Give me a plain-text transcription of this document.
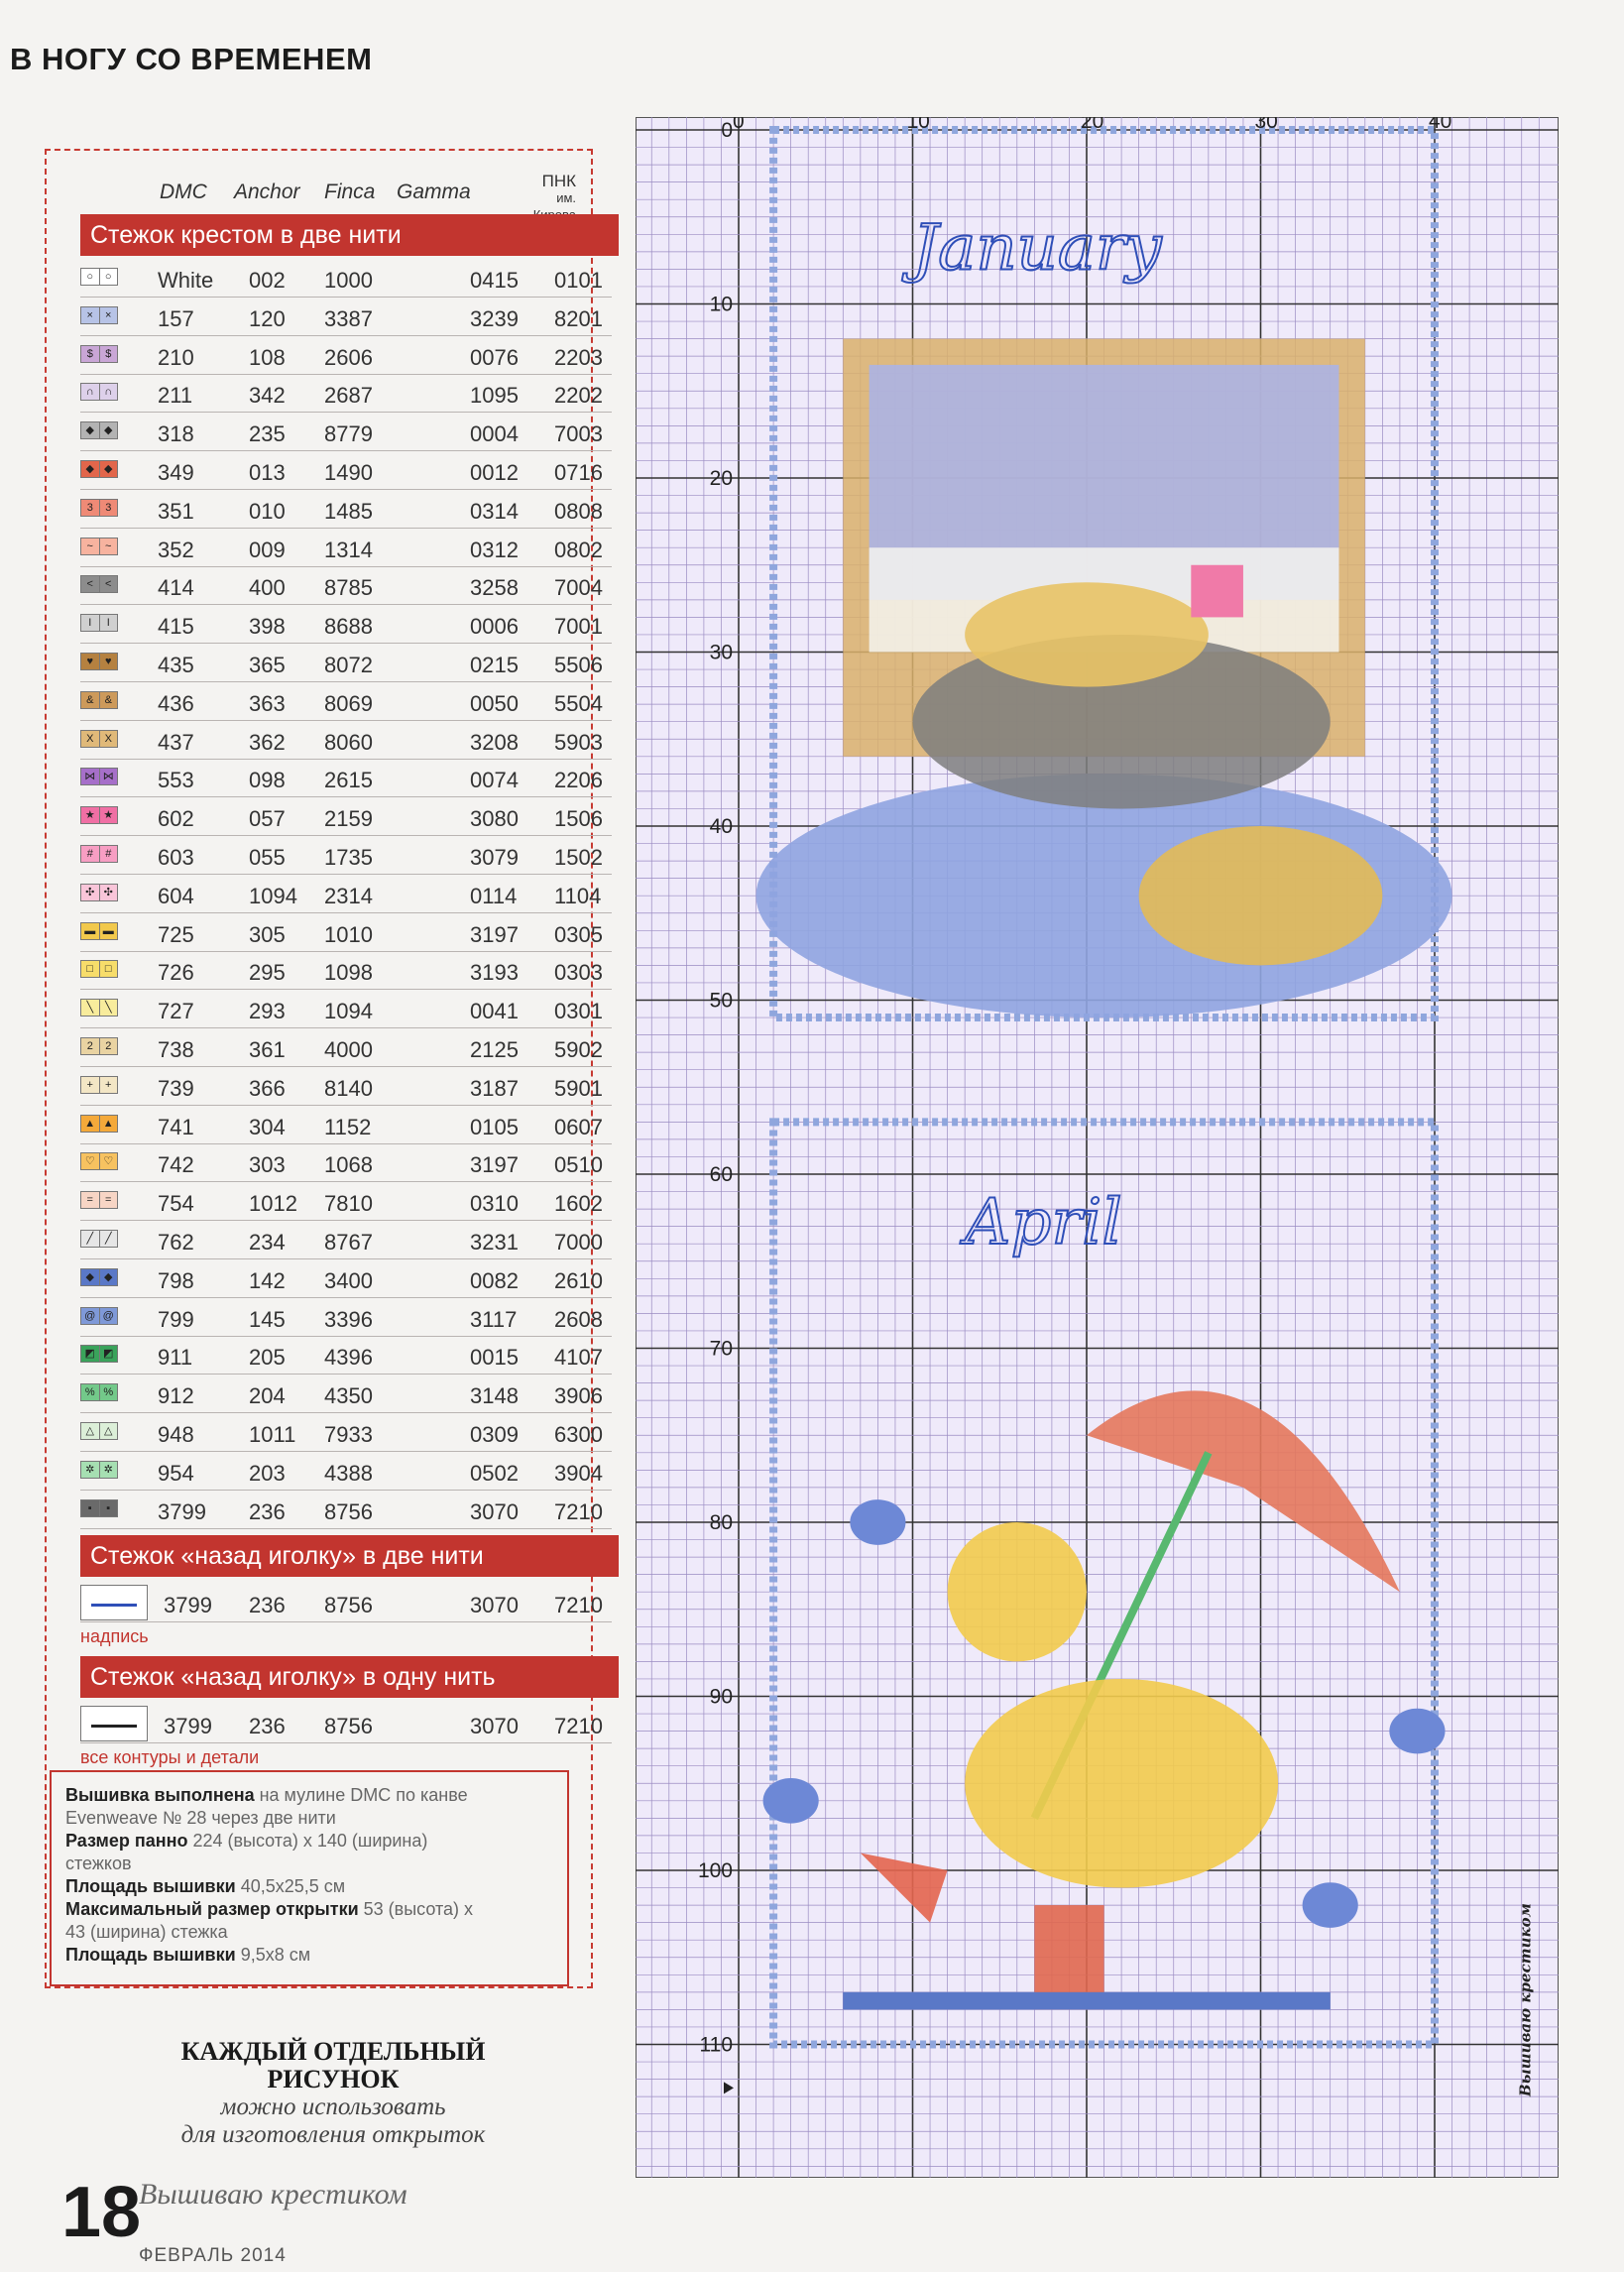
В НОГУ СО ВРЕМЕНЕМ
DMC Anchor Finca Gamma	ПНК
им.
Стежок крестом в две нити
○	○ White 002 1000	0415 0101
×	× 157	120 3387	3239 8201
$	$ 210	108 2606	0076 2203
∩ ∩ 211	342 2687	1095 2202
◆ ◆ 318	235 8779	0004 7003
◆ ◆ 349	013 1490	0012 0716
3	3 351	010 1485	0314 0808
~	~ 352	009 1314	0312 0802
<	< 414	400 8785	3258 7004
I	I	415	398 8688	0006 7001
♥	♥ 435	365 8072	0215 5506
&	& 436	363 8069	0050 5504
X	X 437	362 8060	3208 5903
⋈ ⋈ 553	098 2615	0074 2206
★ ★ 602	057 2159	3080 1506
#	# 603	055 1735	3079 1502
✣ ✣ 604	1094 2314	0114 1104
▬ ▬ 725	305 1010	3197 0305
□	□ 726	295 1098	3193 0303
╲	╲ 727	293 1094	0041 0301
2	2 738	361 4000	2125 5902
+	+ 739	366 8140	3187 5901
▲ ▲ 741	304 1152	0105 0607
♡ ♡ 742	303 1068	3197 0510
=	= 754	1012 7810	0310 1602
╱	╱ 762	234 8767	3231 7000
◆ ◆ 798	142 3400	0082 2610
@ @ 799	145 3396	3117 2608
◩ ◩ 911	205 4396	0015 4107
% % 912	204 4350	3148 3906
△ △ 948	1011 7933	0309 6300
✲ ✲ 954	203 4388	0502 3904
▪	▪	3799 236 8756	3070 7210
Стежок «назад иголку» в две нити
3799 236 8756	3070 7210
надпись
Стежок «назад иголку» в одну нить
3799 236 8756	3070 7210
все контуры и детали

Вышивка выполнена на мулине DMC по канве

Evenweave № 28 через две нити

Размер панно 224 (высота) х 140 (ширина)

стежков

Площадь вышивки 40,5х25,5 см

Максимальный размер открытки 53 (высота) х

43 (ширина) стежка

Площадь вышивки 9,5х8 см

КАЖДЫЙ ОТДЕЛЬНЫЙ
РИСУНОК
можно использовать
для изготовления открыток
18
Вышиваю крестиком
ФЕВРАЛЬ 2014
January
April
Вышиваю крестиком
0	10	20	30	40
0
10
20
30
40
50
60
70
80
90
100
110
